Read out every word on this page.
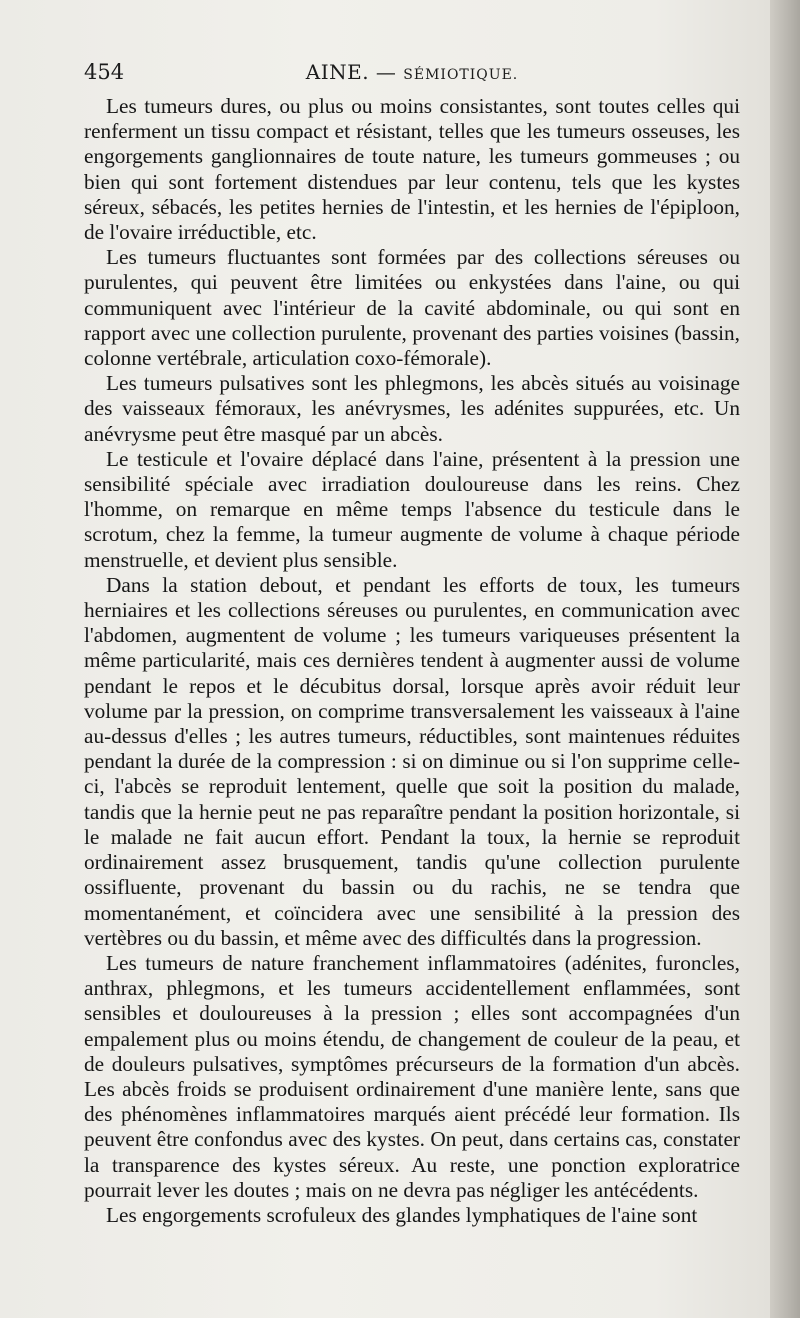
454	AINE. — SÉMIOTIQUE.

Les tumeurs dures, ou plus ou moins consistantes, sont toutes celles qui renferment un tissu compact et résistant, telles que les tumeurs osseuses, les engorgements ganglionnaires de toute nature, les tumeurs gommeuses ; ou bien qui sont fortement distendues par leur contenu, tels que les kystes séreux, sébacés, les petites hernies de l'intestin, et les hernies de l'épiploon, de l'ovaire irréductible, etc.

Les tumeurs fluctuantes sont formées par des collections séreuses ou purulentes, qui peuvent être limitées ou enkystées dans l'aine, ou qui communiquent avec l'intérieur de la cavité abdominale, ou qui sont en rapport avec une collection purulente, provenant des parties voisines (bassin, colonne vertébrale, articulation coxo-fémorale).

Les tumeurs pulsatives sont les phlegmons, les abcès situés au voisinage des vaisseaux fémoraux, les anévrysmes, les adénites suppurées, etc. Un anévrysme peut être masqué par un abcès.

Le testicule et l'ovaire déplacé dans l'aine, présentent à la pression une sensibilité spéciale avec irradiation douloureuse dans les reins. Chez l'homme, on remarque en même temps l'absence du testicule dans le scrotum, chez la femme, la tumeur augmente de volume à chaque période menstruelle, et devient plus sensible.

Dans la station debout, et pendant les efforts de toux, les tumeurs herniaires et les collections séreuses ou purulentes, en communication avec l'abdomen, augmentent de volume ; les tumeurs variqueuses présentent la même particularité, mais ces dernières tendent à augmenter aussi de volume pendant le repos et le décubitus dorsal, lorsque après avoir réduit leur volume par la pression, on comprime transversalement les vaisseaux à l'aine au-dessus d'elles ; les autres tumeurs, réductibles, sont maintenues réduites pendant la durée de la compression : si on diminue ou si l'on supprime celle-ci, l'abcès se reproduit lentement, quelle que soit la position du malade, tandis que la hernie peut ne pas reparaître pendant la position horizontale, si le malade ne fait aucun effort. Pendant la toux, la hernie se reproduit ordinairement assez brusquement, tandis qu'une collection purulente ossifluente, provenant du bassin ou du rachis, ne se tendra que momentanément, et coïncidera avec une sensibilité à la pression des vertèbres ou du bassin, et même avec des difficultés dans la progression.

Les tumeurs de nature franchement inflammatoires (adénites, furoncles, anthrax, phlegmons, et les tumeurs accidentellement enflammées, sont sensibles et douloureuses à la pression ; elles sont accompagnées d'un empalement plus ou moins étendu, de changement de couleur de la peau, et de douleurs pulsatives, symptômes précurseurs de la formation d'un abcès. Les abcès froids se produisent ordinairement d'une manière lente, sans que des phénomènes inflammatoires marqués aient précédé leur formation. Ils peuvent être confondus avec des kystes. On peut, dans certains cas, constater la transparence des kystes séreux. Au reste, une ponction exploratrice pourrait lever les doutes ; mais on ne devra pas négliger les antécédents.

Les engorgements scrofuleux des glandes lymphatiques de l'aine sont
